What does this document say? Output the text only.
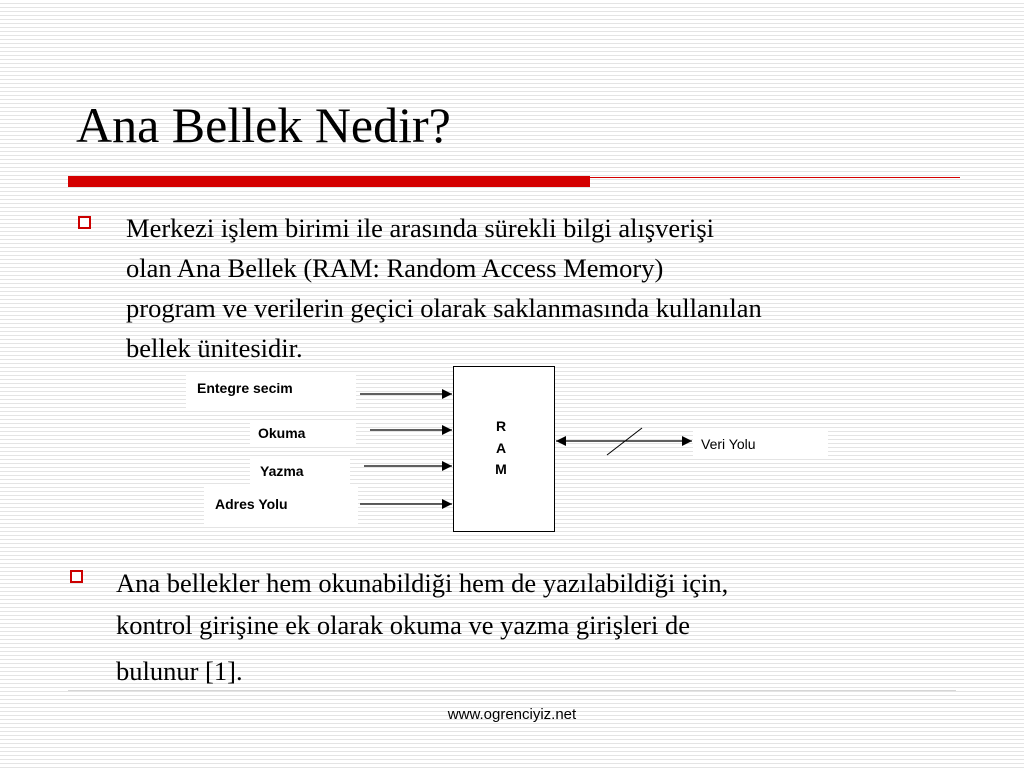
Ana Bellek Nedir?
Merkezi işlem birimi ile arasında sürekli bilgi alışverişi
olan Ana Bellek (RAM: Random Access Memory)
program ve verilerin geçici olarak saklanmasında kullanılan
bellek ünitesidir.
Entegre secim
Okuma
Yazma
Adres Yolu
R
A
M
Veri Yolu
Ana bellekler hem okunabildiği hem de yazılabildiği için,
kontrol girişine ek olarak okuma ve yazma girişleri de
bulunur [1].
www.ogrenciyiz.net
